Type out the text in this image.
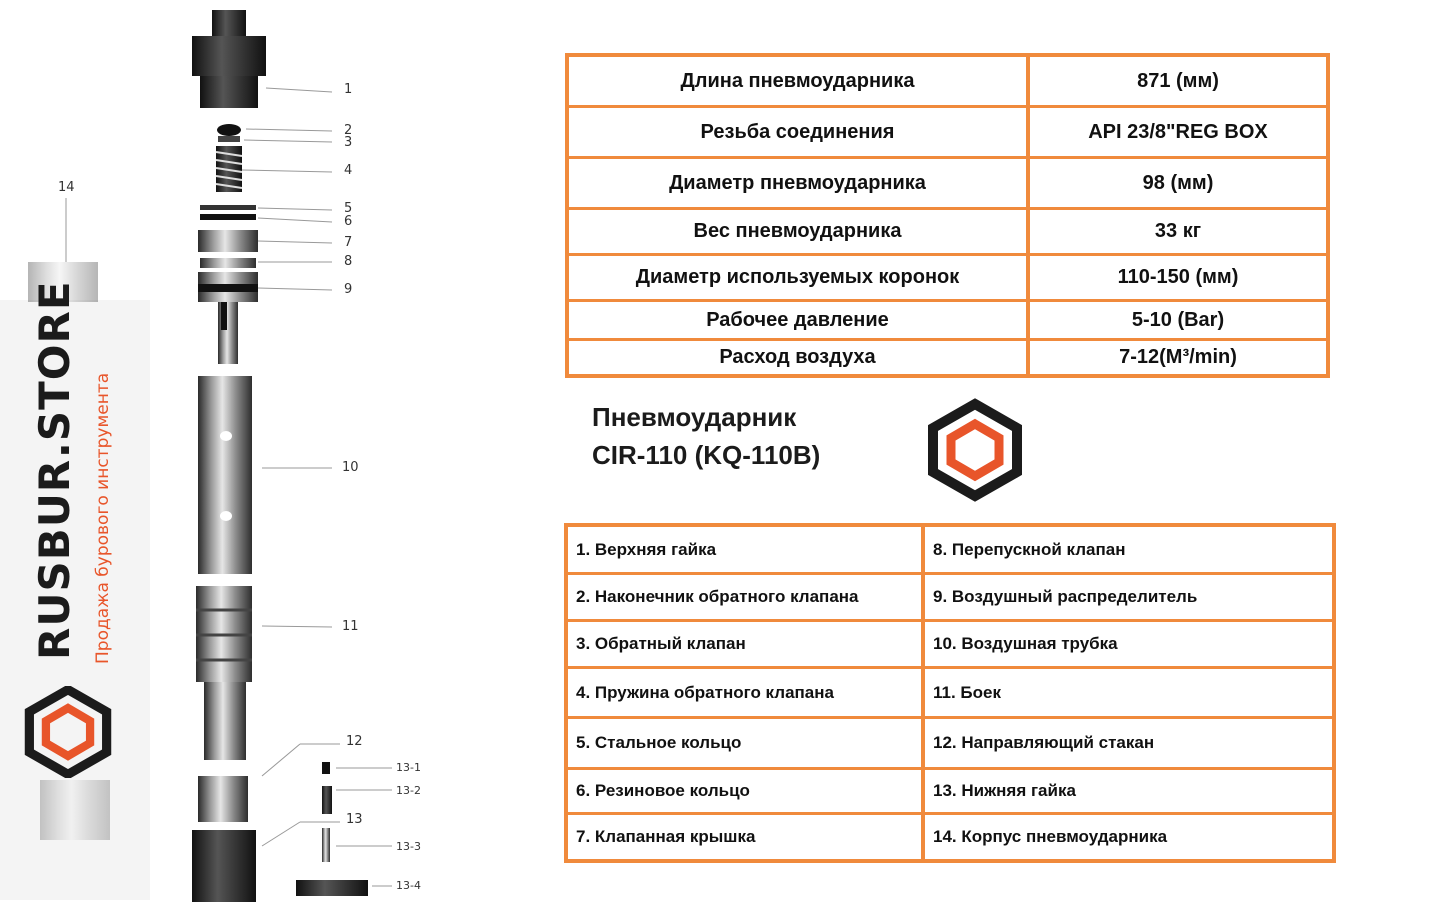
1
2
3
4
5
6
7
8
9
10
11
12
13
14
13-1
13-2
13-3
13-4
RUSBUR.STORE Продажа бурового инструмента
Длина пневмоударника	871 (мм)
Резьба соединения	API 23/8"REG BOX
Диаметр пневмоударника	98 (мм)
Вес пневмоударника	33 кг
Диаметр используемых коронок	110-150 (мм)
Рабочее давление	5-10 (Bar)
Расход воздуха	7-12(М³/min)
Пневмоударник
CIR-110 (KQ-110B)
1. Верхняя гайка	8. Перепускной клапан
2. Наконечник обратного клапана	9. Воздушный распределитель
3. Обратный клапан	10. Воздушная трубка
4. Пружина обратного клапана	11. Боек
5. Стальное кольцо	12. Направляющий стакан
6. Резиновое кольцо	13. Нижняя гайка
7. Клапанная крышка	14. Корпус пневмоударника
